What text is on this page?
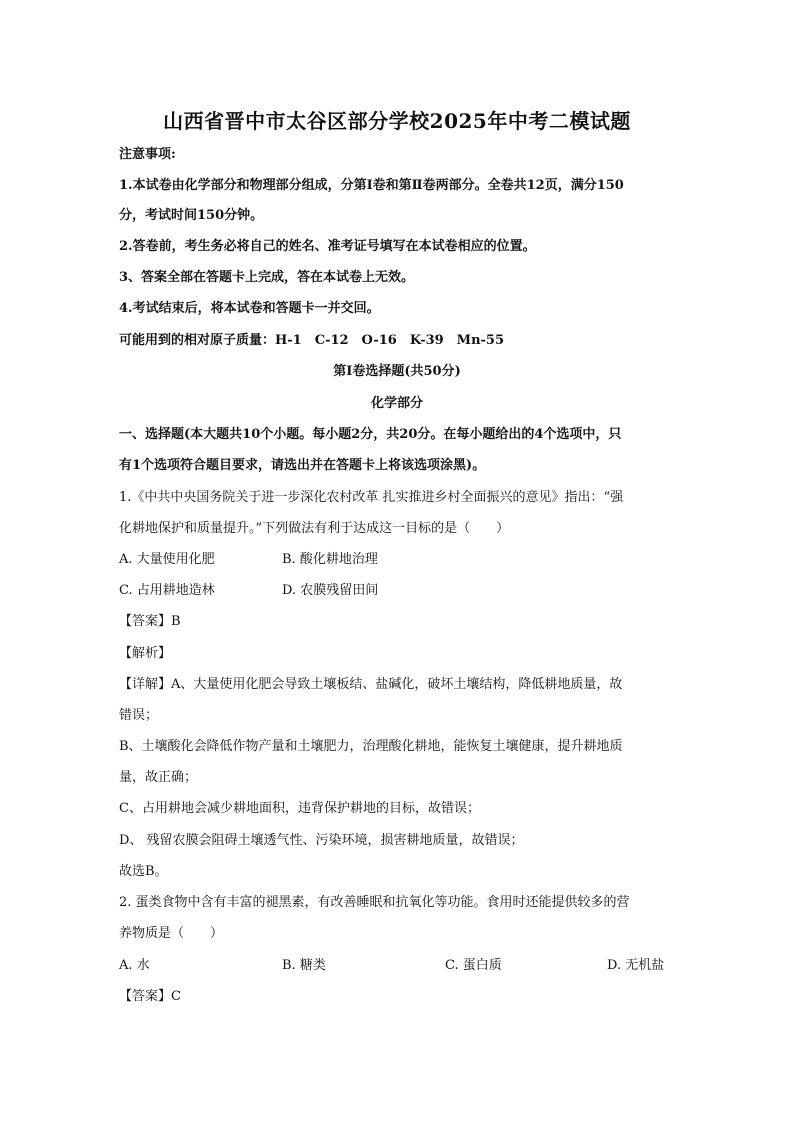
山西省晋中市太谷区部分学校2025年中考二模试题
注意事项:
1.本试卷由化学部分和物理部分组成，分第Ⅰ卷和第Ⅱ卷两部分。全卷共12页，满分150
分，考试时间150分钟。
2.答卷前，考生务必将自己的姓名、准考证号填写在本试卷相应的位置。
3、答案全部在答题卡上完成，答在本试卷上无效。
4.考试结束后，将本试卷和答题卡一并交回。
可能用到的相对原子质量：H-1　C-12　O-16　K-39　Mn-55
第Ⅰ卷选择题(共50分)
化学部分
一、选择题(本大题共10个小题。每小题2分，共20分。在每小题给出的4个选项中，只
有1个选项符合题目要求，请选出并在答题卡上将该选项涂黑)。
1.《中共中央国务院关于进一步深化农村改革 扎实推进乡村全面振兴的意见》指出：“强
化耕地保护和质量提升。”下列做法有利于达成这一目标的是（　　）
A. 大量使用化肥	B. 酸化耕地治理
C. 占用耕地造林	D. 农膜残留田间
【答案】B
【解析】
【详解】A、大量使用化肥会导致土壤板结、盐碱化，破坏土壤结构，降低耕地质量，故
错误；
B、土壤酸化会降低作物产量和土壤肥力，治理酸化耕地，能恢复土壤健康，提升耕地质
量，故正确；
C、占用耕地会减少耕地面积，违背保护耕地的目标，故错误；
D、 残留农膜会阻碍土壤透气性、污染环境，损害耕地质量，故错误；
故选B。
2. 蛋类食物中含有丰富的褪黑素，有改善睡眠和抗氧化等功能。食用时还能提供较多的营
养物质是（　　）
A. 水	B. 糖类	C. 蛋白质	D. 无机盐
【答案】C
